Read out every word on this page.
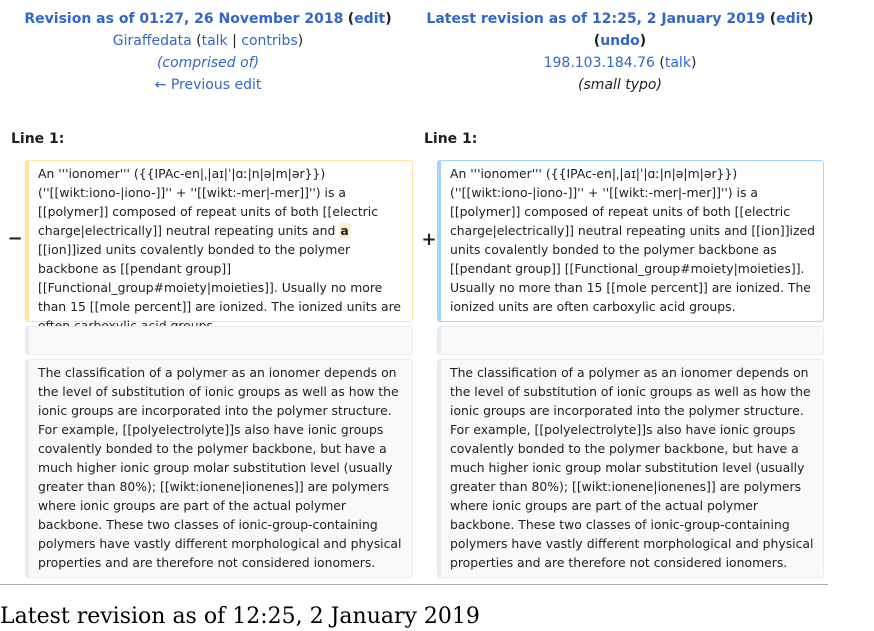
Revision as of 01:27, 26 November 2018 (edit)
Giraffedata (talk | contribs)
(comprised of)
← Previous edit
Latest revision as of 12:25, 2 January 2019 (edit)
(undo)
198.103.184.76 (talk)
(small typo)
Line 1:	Line 1:
−	+
An '''ionomer''' ({{IPAc-en|ˌ|aɪ|ˈ|ɑː|n|ə|m|ər}}) (''[[wikt:iono-|iono-]]'' + ''[[wikt:-mer|-mer]]'') is a [[polymer]] composed of repeat units of both [[electric charge|electrically]] neutral repeating units and a [[ion]]ized units covalently bonded to the polymer backbone as [[pendant group]] [[Functional_group#moiety|moieties]]. Usually no more than 15 [[mole percent]] are ionized. The ionized units are
An '''ionomer''' ({{IPAc-en|ˌ|aɪ|ˈ|ɑː|n|ə|m|ər}}) (''[[wikt:iono-|iono-]]'' + ''[[wikt:-mer|-mer]]'') is a [[polymer]] composed of repeat units of both [[electric charge|electrically]] neutral repeating units and [[ion]]ized units covalently bonded to the polymer backbone as [[pendant group]] [[Functional_group#moiety|moieties]]. Usually no more than 15 [[mole percent]] are ionized. The ionized units are often carboxylic acid groups.
The classification of a polymer as an ionomer depends on the level of substitution of ionic groups as well as how the ionic groups are incorporated into the polymer structure. For example, [[polyelectrolyte]]s also have ionic groups covalently bonded to the polymer backbone, but have a much higher ionic group molar substitution level (usually greater than 80%); [[wikt:ionene|ionenes]] are polymers where ionic groups are part of the actual polymer backbone. These two classes of ionic-group-containing polymers have vastly different morphological and physical properties and are therefore not considered ionomers.
The classification of a polymer as an ionomer depends on the level of substitution of ionic groups as well as how the ionic groups are incorporated into the polymer structure. For example, [[polyelectrolyte]]s also have ionic groups covalently bonded to the polymer backbone, but have a much higher ionic group molar substitution level (usually greater than 80%); [[wikt:ionene|ionenes]] are polymers where ionic groups are part of the actual polymer backbone. These two classes of ionic-group-containing polymers have vastly different morphological and physical properties and are therefore not considered ionomers.
Latest revision as of 12:25, 2 January 2019
